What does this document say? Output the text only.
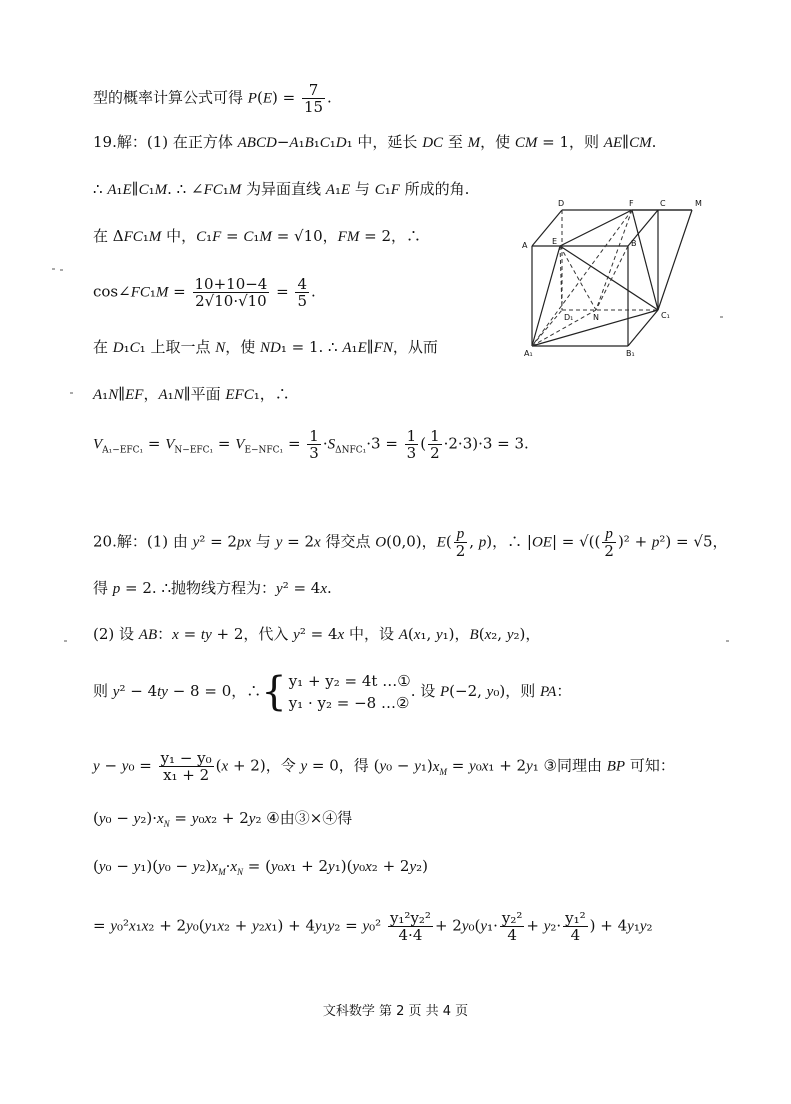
型的概率计算公式可得 $P(E) = \frac{7}{15}$ .
19.解：(1) 在正方体 ABCD−A₁B₁C₁D₁ 中，延长 DC 至 M，使 CM = 1，则 AE∥CM.
∴ A₁E∥C₁M. ∴ ∠FC₁M 为异面直线 A₁E 与 C₁F 所成的角.
在 ΔFC₁M 中，C₁F = C₁M = √10，FM = 2，∴
cos∠FC₁M = $\frac{10+10-4}{2√10\cdot√10} = \frac{4}{5}$ .
在 D₁C₁ 上取一点 N，使 ND₁ = 1. ∴ A₁E∥FN，从而
A₁N∥EF，A₁N∥平面 EFC₁，∴
$V_{A_1-EFC_1} = V_{N-EFC_1} = V_{E-NFC_1} = \frac{1}{3} \cdot S_{\Delta NFC_1}\cdot 3 = \frac{1}{3}$ ( $\frac{1}{2} \cdot 2\cdot 3)\cdot 3 = 3$.
D	F	C	M
A	E	B
D₁ N	C₁
A₁	B₁
20.解：(1) 由 y² = 2px 与 y = 2x 得交点 O(0,0)，$E( \frac{p}{2}$ , p)，∴ |OE| = √(( $\frac{p}{2} )^2 + p^2) = √5$，
得 p = 2. ∴抛物线方程为：y² = 4x.
(2) 设 AB：x = ty + 2，代入 y² = 4x 中，设 A(x₁, y₁)，B(x₂, y₂)，
则 y² − 4ty − 8 = 0，∴{ y₁ + y₂ = 4t …①
y₁ · y₂ = −8 …②
. 设 P(−2, y₀)，则 PA：
$y - y_0 = \frac{\text{y₁ − y₀}}{\text{x₁ + 2}} (x + 2)$，令 y = 0，得 $(y_0 - y_1)x_M = y_0x_1 + 2y_1$ ③同理由 BP 可知：
$(y_0 - y_2)\cdot x_N = y_0x_2 + 2y_2$ ④由③×④得
$(y_0 - y_1)(y_0 - y_2)x_M\cdot x_N = (y_0x_1 + 2y_1)(y_0x_2 + 2y_2)$
= $y_0^2x_1x_2 + 2y_0(y_1x_2 + y_2x_1) + 4y_1y_2 = y_0^2 \frac{\text{y₁²y₂²}}{4\cdot 4} + 2y_0(y_1\cdot \frac{\text{y₂²}}{4} + y_2\cdot \frac{\text{y₁²}}{4}$ ) + 4y₁y₂
文科数学 第 2 页 共 4 页
